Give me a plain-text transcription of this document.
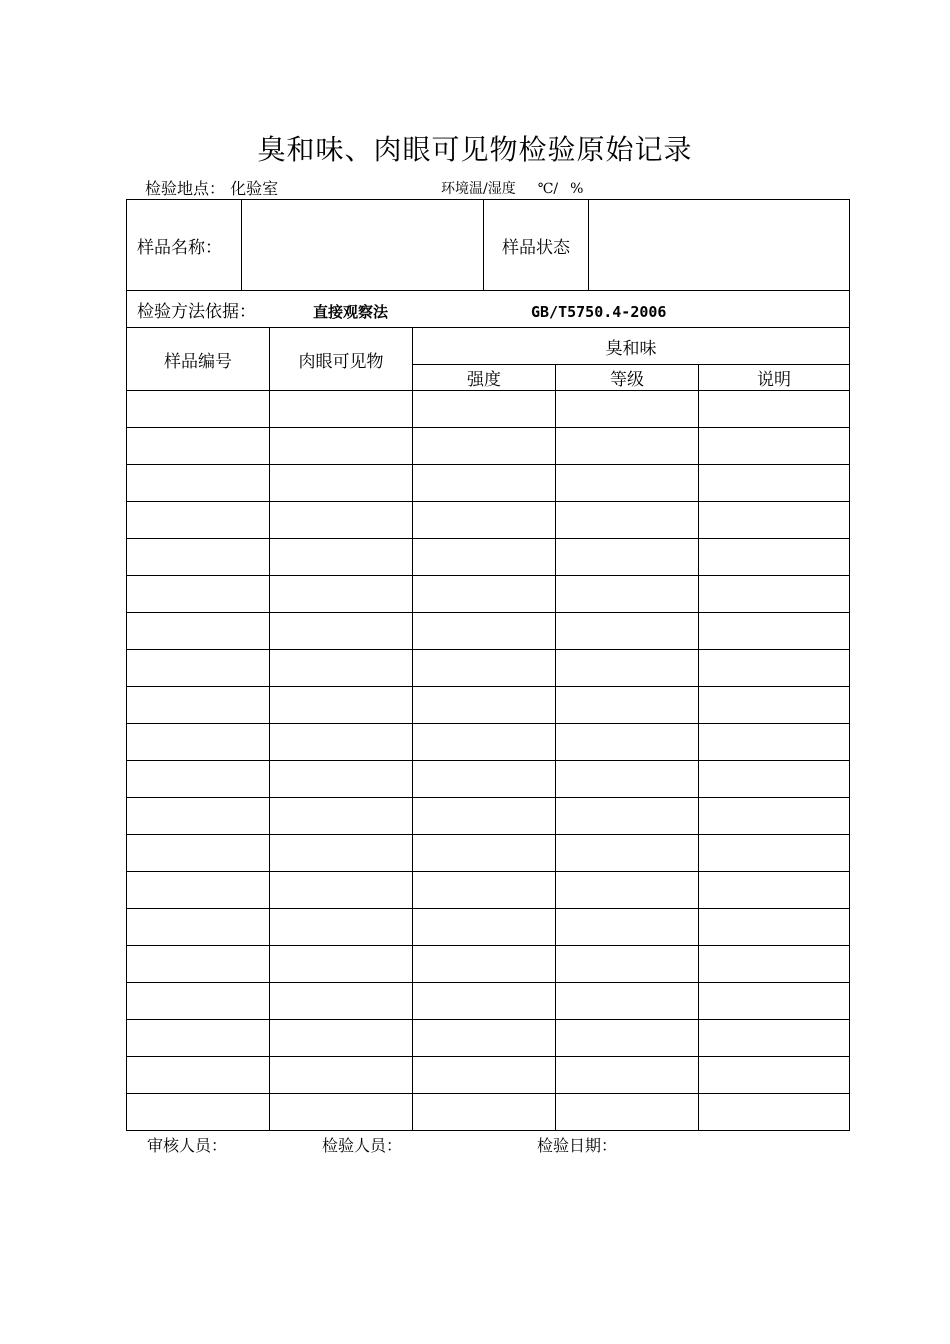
臭和味、肉眼可见物检验原始记录
检验地点： 化验室	环境温/湿度 ℃/ %
样品名称：				样品状态			
检验方法依据： 直接观察法 GB/T5750.4-2006							
样品编号		肉眼可见物	臭和味				
			强度		等级		说明

审核人员：	检验人员：	检验日期：
